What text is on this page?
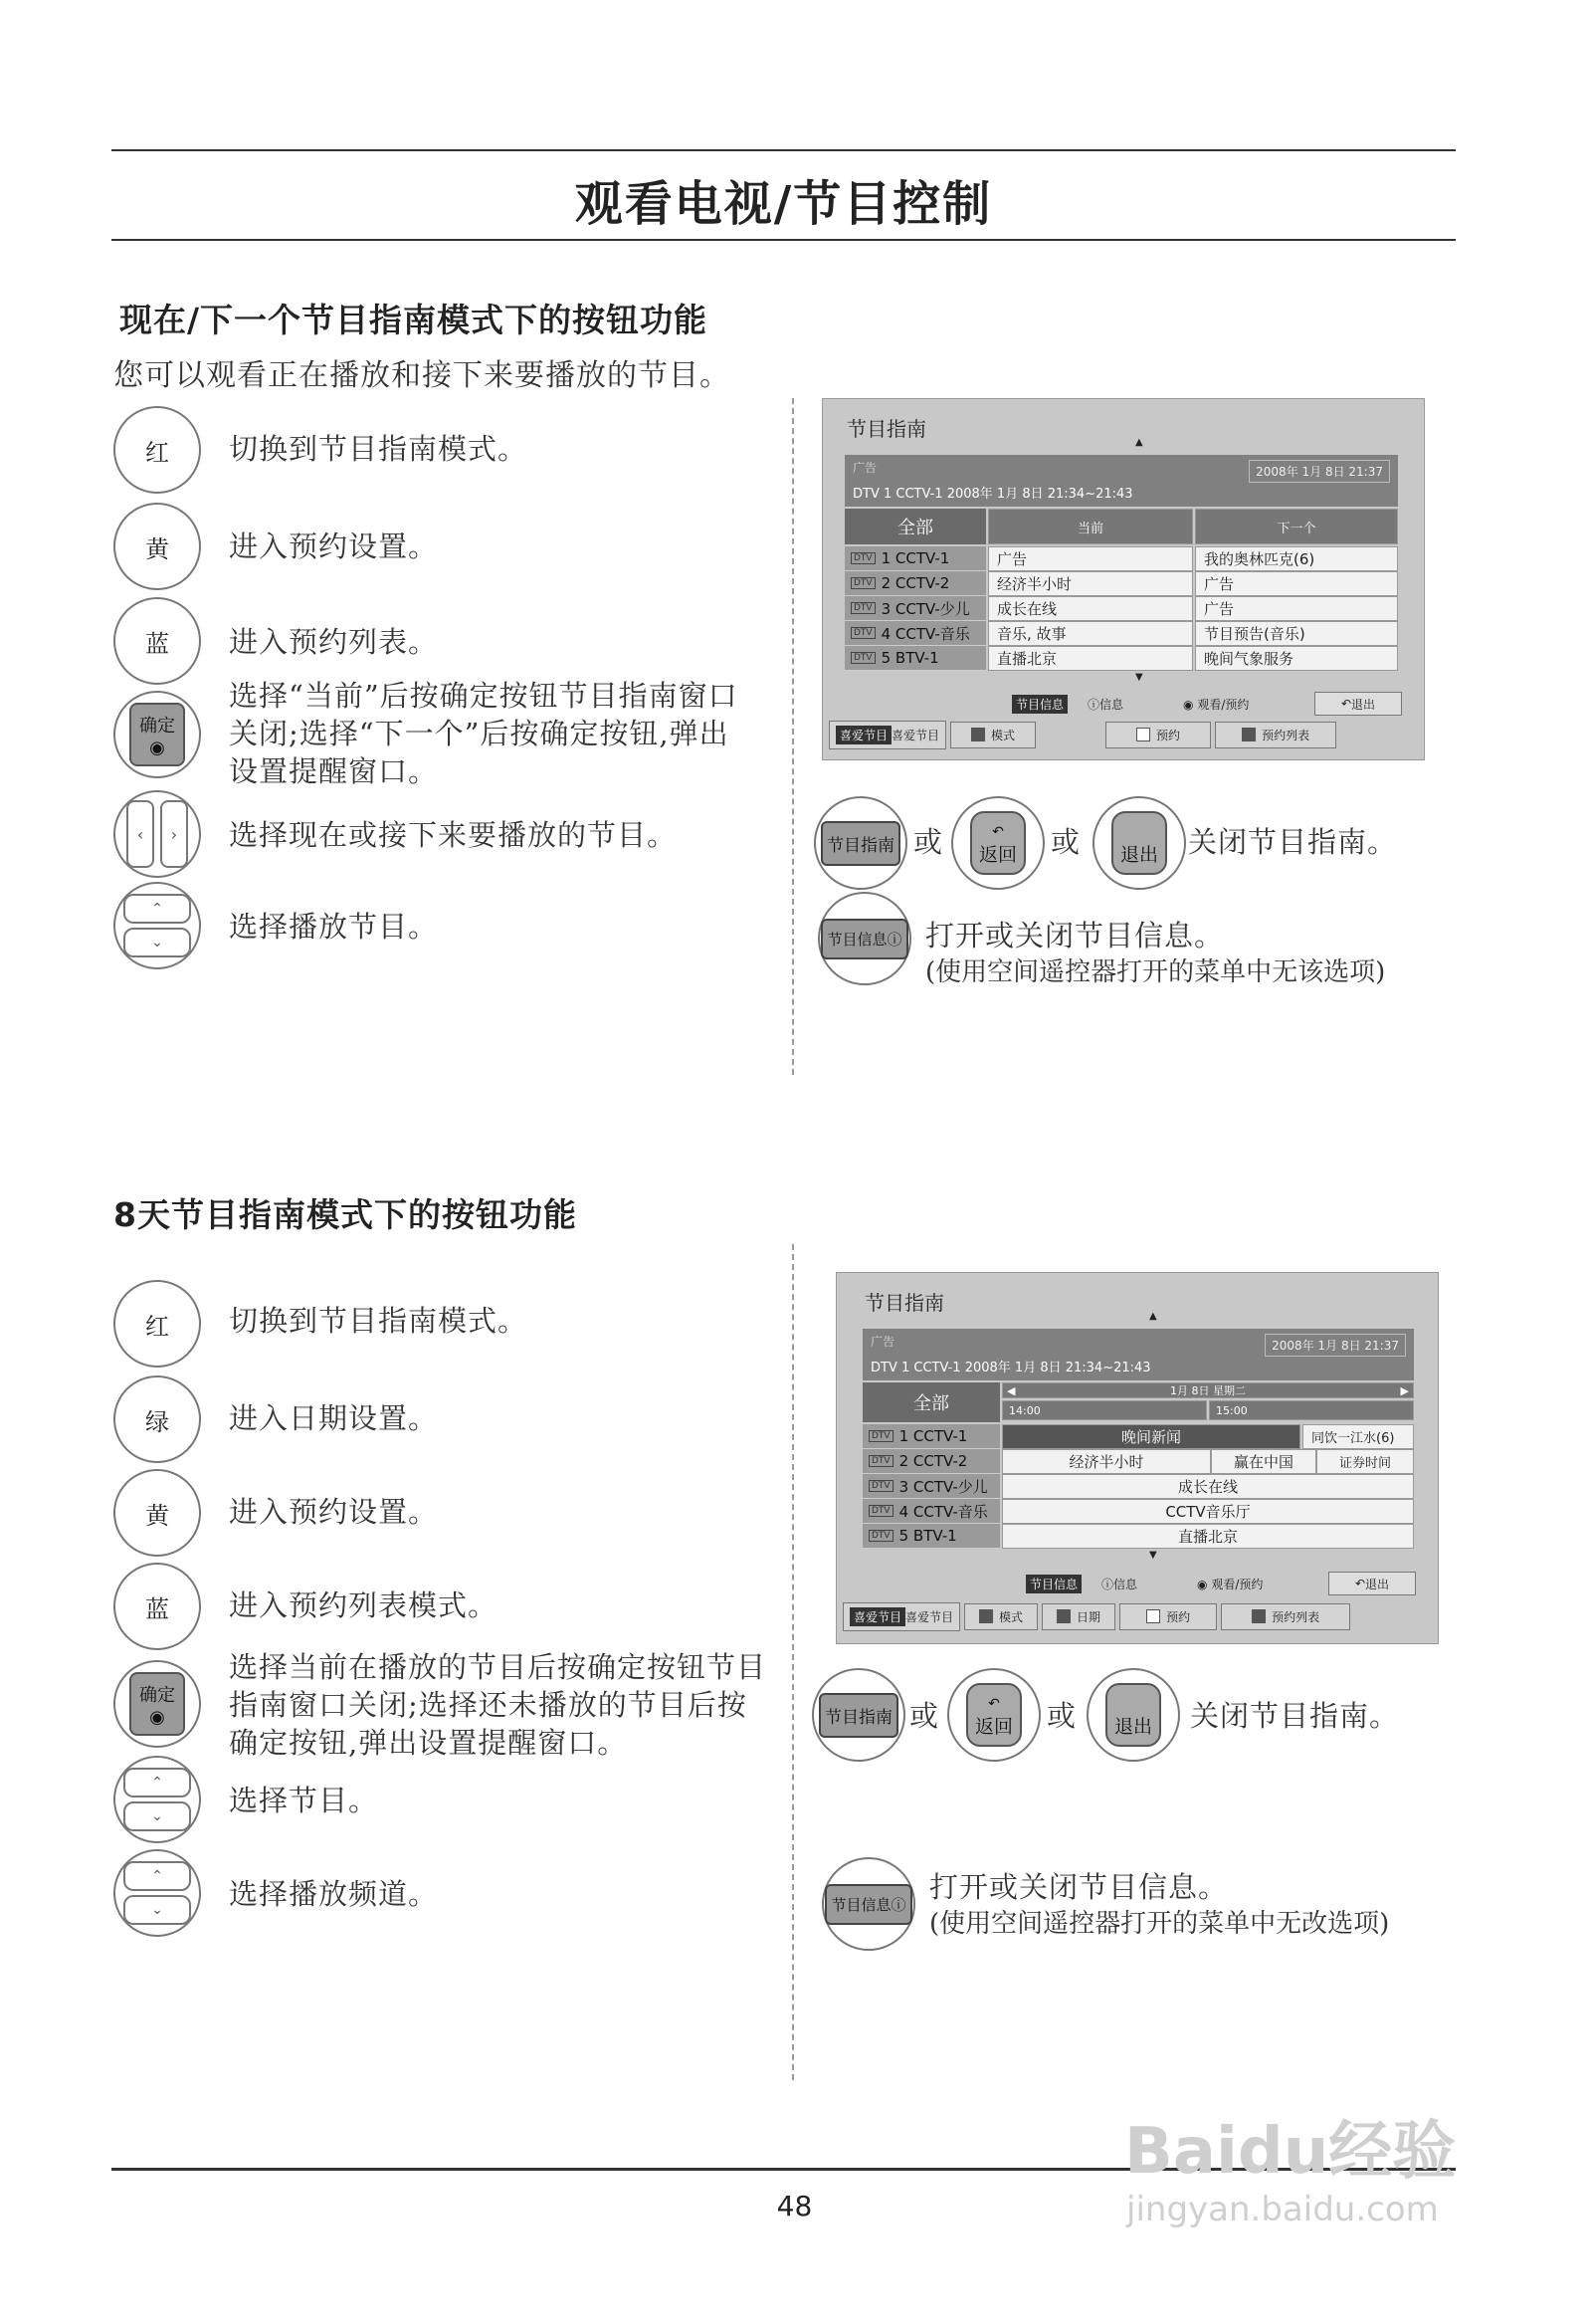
观看电视/节目控制
现在/下一个节目指南模式下的按钮功能
您可以观看正在播放和接下来要播放的节目。
红 切换到节目指南模式。
黄 进入预约设置。
蓝 进入预约列表。
确定
◉
选择“当前”后按确定按钮节目指南窗口关闭;选择“下一个”后按确定按钮,弹出设置提醒窗口。
‹	›	选择现在或接下来要播放的节目。
⌃
⌄	选择播放节目。
节目指南
▲
广告	2008年 1月 8日 21:37
DTV 1 CCTV-1 2008年 1月 8日 21:34~21:43
全部	当前	下一个
DTV 1 CCTV-1	广告	我的奥林匹克(6)
DTV 2 CCTV-2	经济半小时	广告
DTV 3 CCTV-少儿	成长在线	广告
DTV 4 CCTV-音乐	音乐, 故事	节目预告(音乐)
DTV 5 BTV-1	直播北京	晚间气象服务
▼
节目信息	ⓘ信息	◉ 观看/预约	↶ 退出
喜爱节目 喜爱节目	模式	预约	预约列表
节目指南 或	↶
返回 或 退出 关闭节目指南。
节目信息ⓘ 打开或关闭节目信息。
(使用空间遥控器打开的菜单中无该选项)
8天节目指南模式下的按钮功能
红 切换到节目指南模式。
绿 进入日期设置。
黄 进入预约设置。
蓝 进入预约列表模式。
确定
◉
选择当前在播放的节目后按确定按钮节目指南窗口关闭;选择还未播放的节目后按确定按钮,弹出设置提醒窗口。
⌃
⌄	选择节目。
⌃
⌄	选择播放频道。
节目指南
▲
广告	2008年 1月 8日 21:37
DTV 1 CCTV-1 2008年 1月 8日 21:34~21:43
全部
◀	1月 8日 星期二	▶
14:00	15:00
DTV 1 CCTV-1	晚间新闻	同饮一江水(6)
DTV 2 CCTV-2	经济半小时	赢在中国	证券时间
DTV 3 CCTV-少儿	成长在线
DTV 4 CCTV-音乐	CCTV音乐厅
DTV 5 BTV-1	直播北京
▼
节目信息	ⓘ信息	◉ 观看/预约	↶ 退出
喜爱节目 喜爱节目	模式	日期	预约	预约列表
节目指南 或	↶
返回 或 退出 关闭节目指南。
节目信息ⓘ
打开或关闭节目信息。
(使用空间遥控器打开的菜单中无改选项)
48
Baidu经验
jingyan.baidu.com
